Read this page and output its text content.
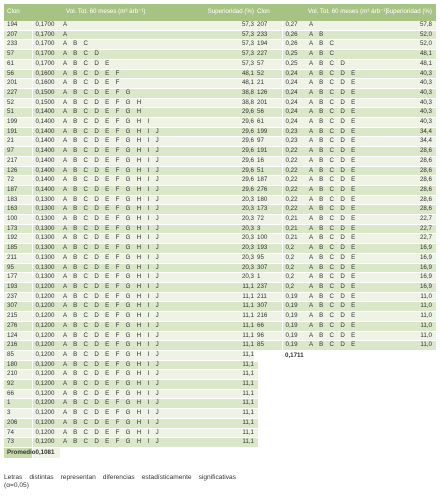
Clon	Vol. Tot. 60 meses (m³ árb⁻¹)		Superioridad (%)
194	0,1700	A	57,3
207	0,1700	A	57,3
233	0,1700	A B C	57,3
57	0,1700	A B C D	57,3
61	0,1700	A B C D E	57,3
56	0,1600	A B C D E F	48,1
201	0,1600	A B C D E F	48,1
227	0,1500	A B C D E F G	38,8
52	0,1500	A B C D E F G H	38,8
51	0,1400	A B C D E F G H	29,6
199	0,1400	A B C D E F G H I	29,6
191	0,1400	A B C D E F G H I J	29,6
21	0,1400	A B C D E F G H I J	29,6
97	0,1400	A B C D E F G H I J	29,6
217	0,1400	A B C D E F G H I J	29,6
126	0,1400	A B C D E F G H I J	29,6
72	0,1400	A B C D E F G H I J	29,6
187	0,1400	A B C D E F G H I J	29,6
183	0,1300	A B C D E F G H I J	20,3
163	0,1300	A B C D E F G H I J	20,3
100	0,1300	A B C D E F G H I J	20,3
173	0,1300	A B C D E F G H I J	20,3
192	0,1300	A B C D E F G H I J	20,3
185	0,1300	A B C D E F G H I J	20,3
211	0,1300	A B C D E F G H I J	20,3
95	0,1300	A B C D E F G H I J	20,3
177	0,1300	A B C D E F G H I J	20,3
193	0,1200	A B C D E F G H I J	11,1
237	0,1200	A B C D E F G H I J	11,1
307	0,1200	A B C D E F G H I J	11,1
215	0,1200	A B C D E F G H I J	11,1
276	0,1200	A B C D E F G H I J	11,1
124	0,1200	A B C D E F G H I J	11,1
216	0,1200	A B C D E F G H I J	11,1
85	0,1200	A B C D E F G H I J	11,1
180	0,1200	A B C D E F G H I J	11,1
210	0,1200	A B C D E F G H I J	11,1
92	0,1200	A B C D E F G H I J	11,1
66	0,1200	A B C D E F G H I J	11,1
1	0,1200	A B C D E F G H I J	11,1
3	0,1200	A B C D E F G H I J	11,1
206	0,1200	A B C D E F G H I J	11,1
74	0,1200	A B C D E F G H I J	11,1
73	0,1200	A B C D E F G H I J	11,1
Promedio	0,1081		
Clon	Vol. Tot. 60 meses (m³ árb⁻¹)		Superioridad (%)
207	0,27	A	57,8
233	0,26	A B	52,0
194	0,26	A B C	52,0
227	0,25	A B C	48,1
57	0,25	A B C D	48,1
52	0,24	A B C D E	40,3
21	0,24	A B C D E	40,3
126	0,24	A B C D E	40,3
201	0,24	A B C D E	40,3
56	0,24	A B C D E	40,3
61	0,24	A B C D E	40,3
199	0,23	A B C D E	34,4
97	0,23	A B C D E	34,4
191	0,22	A B C D E	28,6
16	0,22	A B C D E	28,6
51	0,22	A B C D E	28,6
187	0,22	A B C D E	28,6
276	0,22	A B C D E	28,6
180	0,22	A B C D E	28,6
173	0,22	A B C D E	28,6
72	0,21	A B C D E	22,7
3	0,21	A B C D E	22,7
100	0,21	A B C D E	22,7
193	0,2	A B C D E	16,9
95	0,2	A B C D E	16,9
307	0,2	A B C D E	16,9
1	0,2	A B C D E	16,9
237	0,2	A B C D E	16,9
211	0,19	A B C D E	11,0
307	0,19	A B C D E	11,0
216	0,19	A B C D E	11,0
66	0,19	A B C D E	11,0
96	0,19	A B C D E	11,0
85	0,19	A B C D E	11,0
	0,1711		
Letras distintas representan diferencias estadísticamente significativas (α=0,05)
